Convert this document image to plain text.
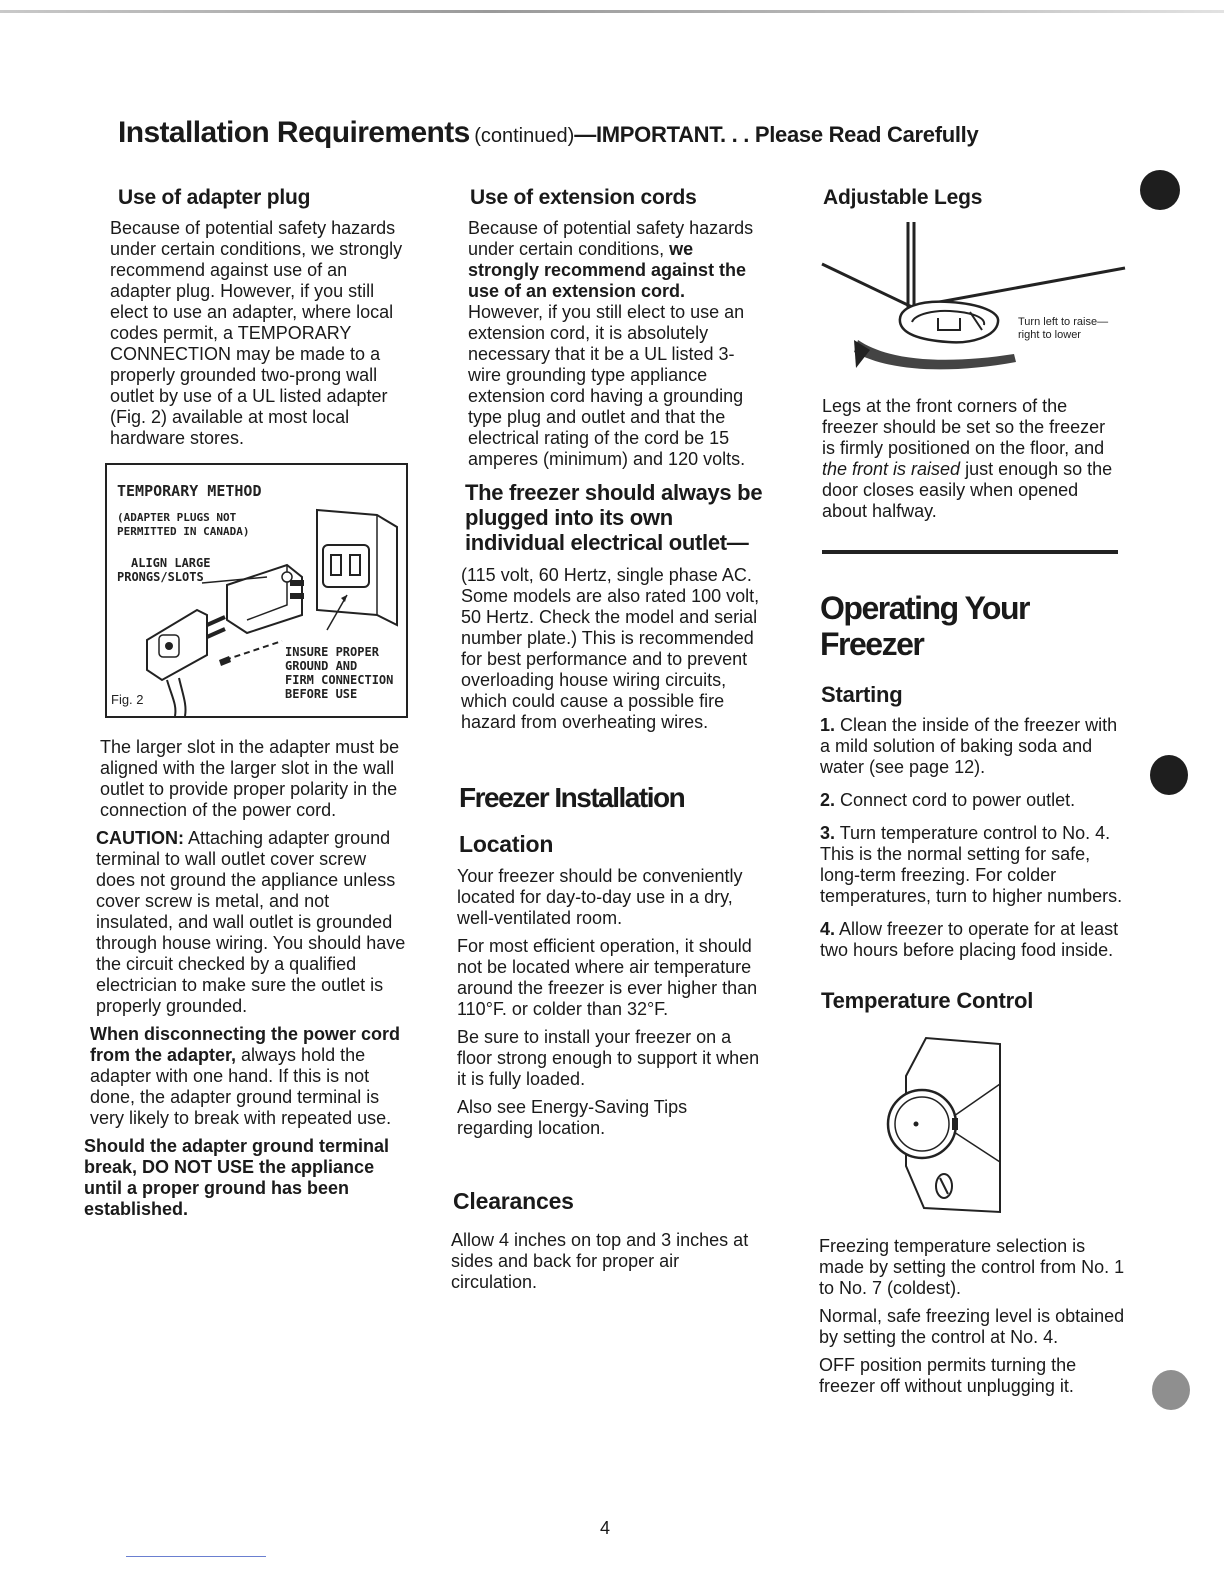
Installation Requirements (continued)—IMPORTANT. . . Please Read Carefully
Use of adapter plug
Because of potential safety hazards under certain conditions, we strongly recommend against use of an adapter plug. However, if you still elect to use an adapter, where local codes permit, a TEMPORARY CONNECTION may be made to a properly grounded two-prong wall outlet by use of a UL listed adapter (Fig. 2) available at most local hardware stores.
TEMPORARY METHOD
(ADAPTER PLUGS NOT
PERMITTED IN CANADA)
ALIGN LARGE
PRONGS/SLOTS
INSURE PROPER
GROUND AND
FIRM CONNECTION
BEFORE USE
Fig. 2

The larger slot in the adapter must be aligned with the larger slot in the wall outlet to provide proper polarity in the connection of the power cord.

CAUTION: Attaching adapter ground terminal to wall outlet cover screw does not ground the appliance unless cover screw is metal, and not insulated, and wall outlet is grounded through house wiring. You should have the circuit checked by a qualified electrician to make sure the outlet is properly grounded.

When disconnecting the power cord from the adapter, always hold the adapter with one hand. If this is not done, the adapter ground terminal is very likely to break with repeated use.

Should the adapter ground terminal break, DO NOT USE the appliance until a proper ground has been established.

Use of extension cords
Because of potential safety hazards under certain conditions, we strongly recommend against the use of an extension cord. However, if you still elect to use an extension cord, it is absolutely necessary that it be a UL listed 3-wire grounding type appliance extension cord having a grounding type plug and outlet and that the electrical rating of the cord be 15 amperes (minimum) and 120 volts.
The freezer should always be plugged into its own individual electrical outlet—
(115 volt, 60 Hertz, single phase AC. Some models are also rated 100 volt, 50 Hertz. Check the model and serial number plate.) This is recommended for best performance and to prevent overloading house wiring circuits, which could cause a possible fire hazard from overheating wires.
Freezer Installation
Location

Your freezer should be conveniently located for day-to-day use in a dry, well-ventilated room.

For most efficient operation, it should not be located where air temperature around the freezer is ever higher than 110°F. or colder than 32°F.

Be sure to install your freezer on a floor strong enough to support it when it is fully loaded.

Also see Energy-Saving Tips regarding location.

Clearances
Allow 4 inches on top and 3 inches at sides and back for proper air circulation.
Adjustable Legs
Turn left to raise—
right to lower
Legs at the front corners of the freezer should be set so the freezer is firmly positioned on the floor, and the front is raised just enough so the door closes easily when opened about halfway.
Operating Your
Freezer
Starting

1. Clean the inside of the freezer with a mild solution of baking soda and water (see page 12).

2. Connect cord to power outlet.

3. Turn temperature control to No. 4. This is the normal setting for safe, long-term freezing. For colder temperatures, turn to higher numbers.

4. Allow freezer to operate for at least two hours before placing food inside.

Temperature Control

Freezing temperature selection is made by setting the control from No. 1 to No. 7 (coldest).

Normal, safe freezing level is obtained by setting the control at No. 4.

OFF position permits turning the freezer off without unplugging it.

4
